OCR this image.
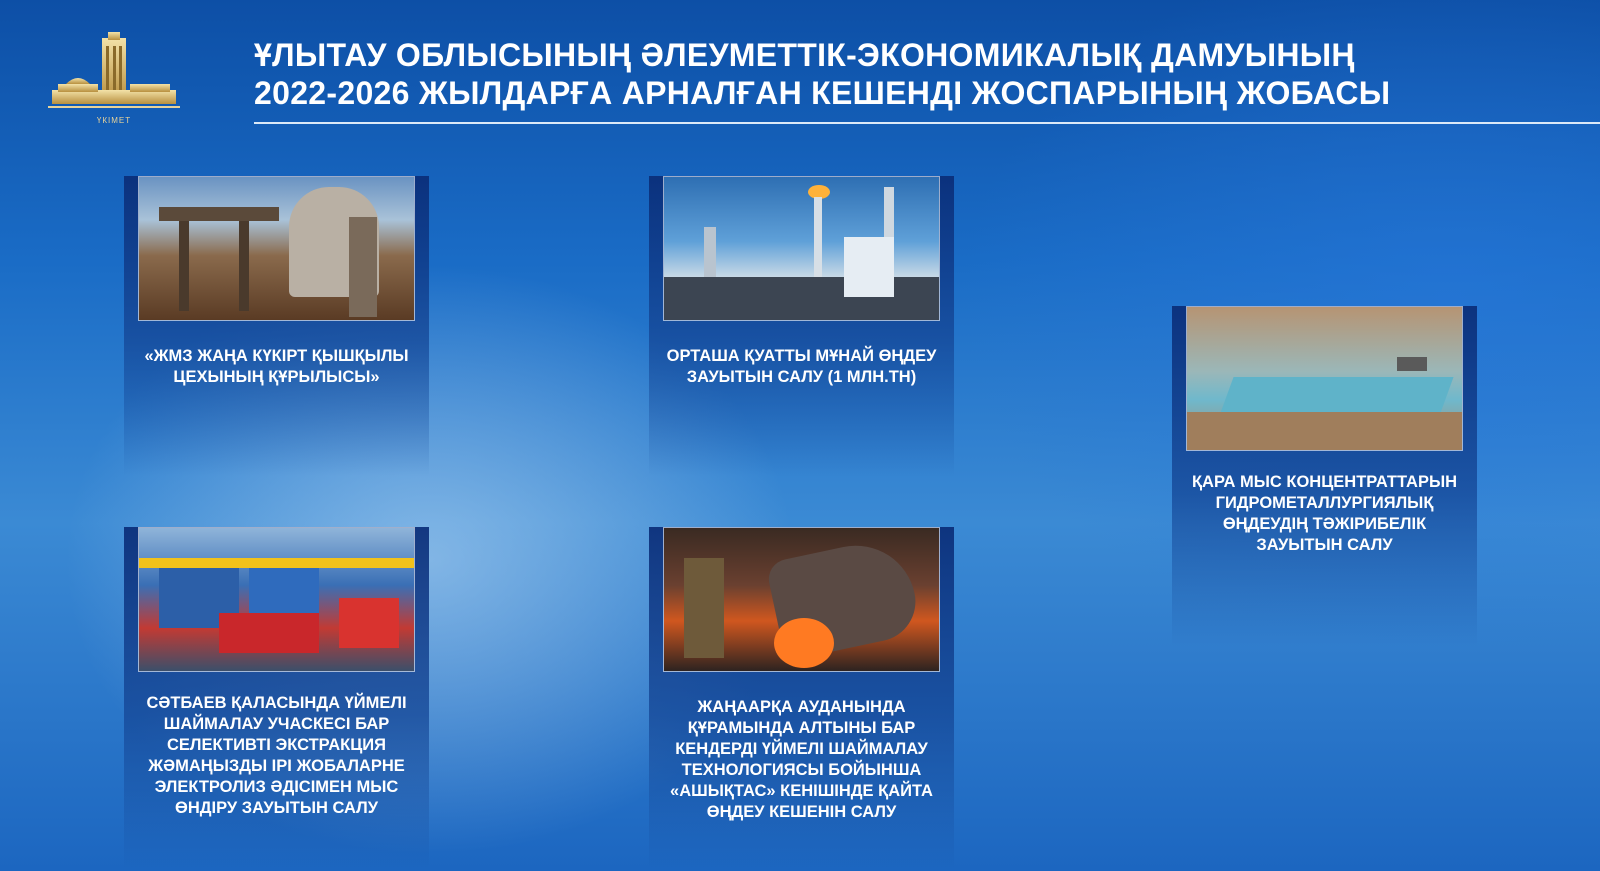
ҮКІМЕТ
ҰЛЫТАУ ОБЛЫСЫНЫҢ ӘЛЕУМЕТТІК-ЭКОНОМИКАЛЫҚ ДАМУЫНЫҢ
2022-2026 ЖЫЛДАРҒА АРНАЛҒАН КЕШЕНДІ ЖОСПАРЫНЫҢ ЖОБАСЫ
«ЖМЗ ЖАҢА КҮКІРТ ҚЫШҚЫЛЫ ЦЕХЫНЫҢ ҚҰРЫЛЫСЫ»
ОРТАША ҚУАТТЫ МҰНАЙ ӨҢДЕУ ЗАУЫТЫН САЛУ (1 МЛН.ТН)
ҚАРА МЫС КОНЦЕНТРАТТАРЫН ГИДРОМЕТАЛЛУРГИЯЛЫҚ ӨҢДЕУДІҢ ТӘЖІРИБЕЛІК ЗАУЫТЫН САЛУ
СӘТБАЕВ ҚАЛАСЫНДА ҮЙМЕЛІ ШАЙМАЛАУ УЧАСКЕСІ БАР СЕЛЕКТИВТІ ЭКСТРАКЦИЯ ЖӘМАҢЫЗДЫ ІРІ ЖОБАЛАРНЕ ЭЛЕКТРОЛИЗ ӘДІСІМЕН МЫС ӨНДІРУ ЗАУЫТЫН САЛУ
ЖАҢААРҚА АУДАНЫНДА ҚҰРАМЫНДА АЛТЫНЫ БАР КЕНДЕРДІ ҮЙМЕЛІ ШАЙМАЛАУ ТЕХНОЛОГИЯСЫ БОЙЫНША «АШЫҚТАС» КЕНІШІНДЕ ҚАЙТА ӨҢДЕУ КЕШЕНІН САЛУ
